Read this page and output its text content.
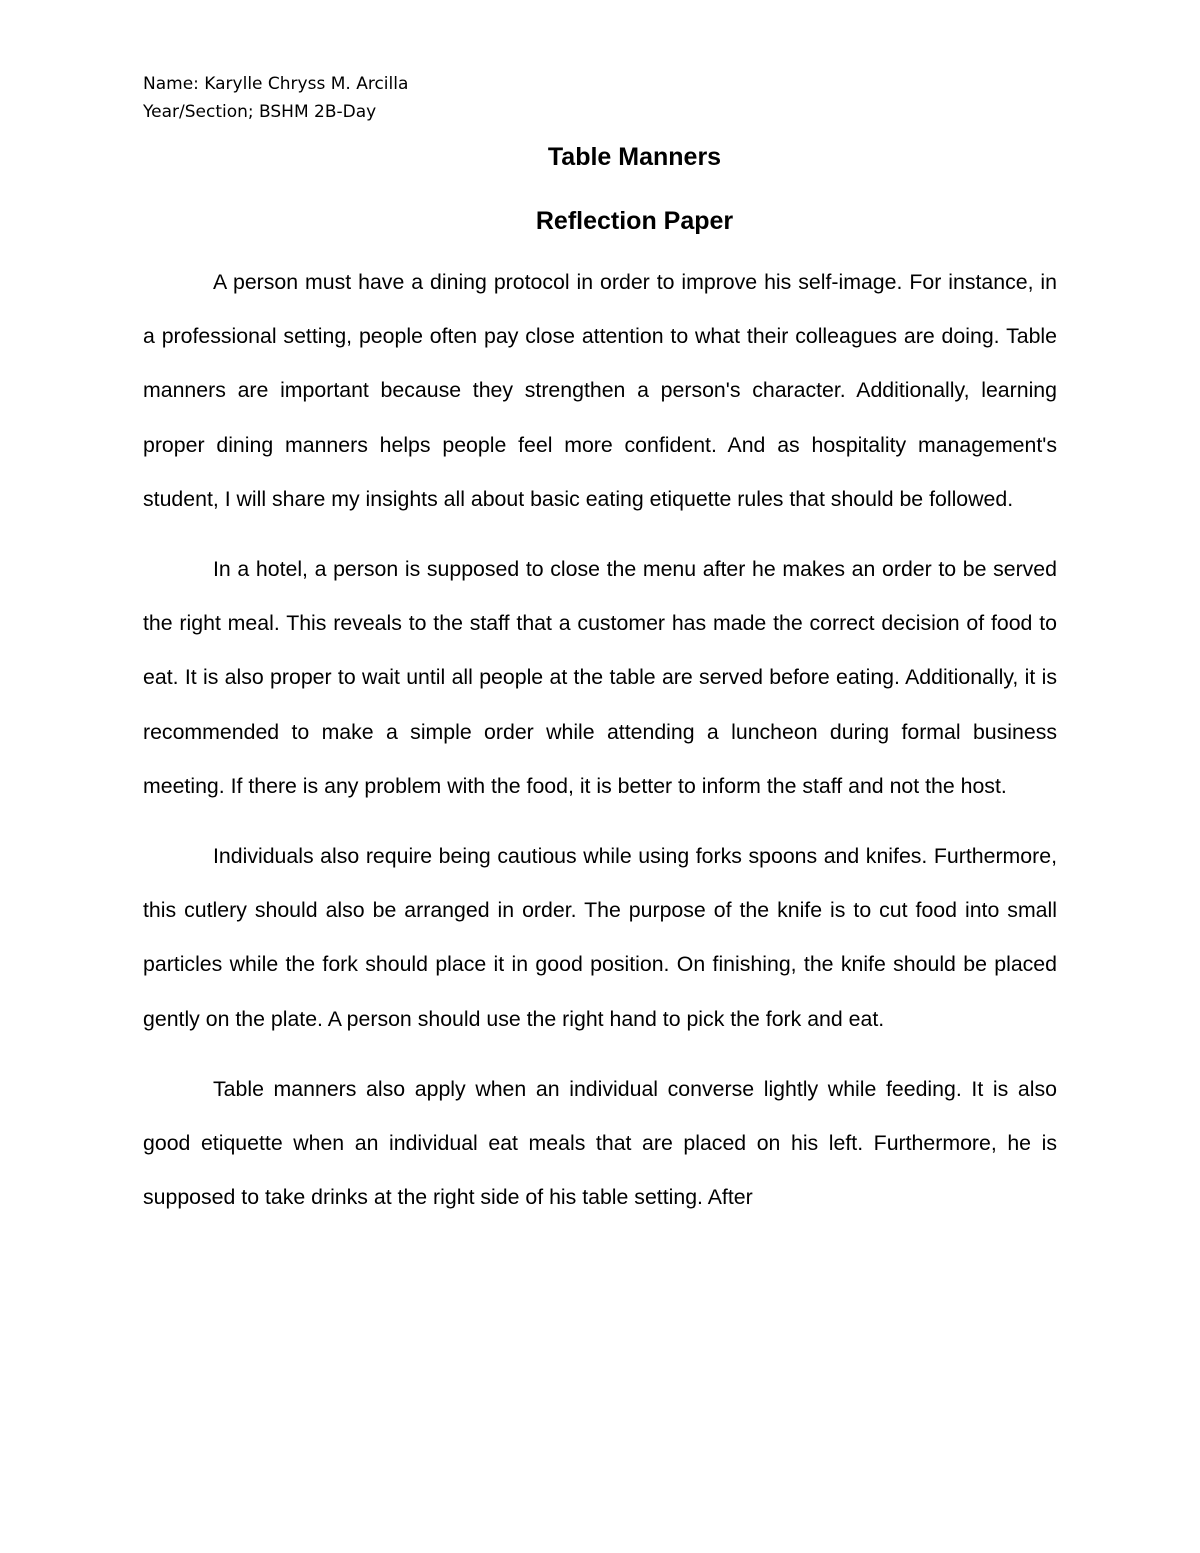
Name: Karylle Chryss M. Arcilla
Year/Section; BSHM 2B-Day
Table Manners
Reflection Paper

A person must have a dining protocol in order to improve his self-image. For instance, in a professional setting, people often pay close attention to what their colleagues are doing. Table manners are important because they strengthen a person's character. Additionally, learning proper dining manners helps people feel more confident. And as hospitality management's student, I will share my insights all about basic eating etiquette rules that should be followed.

In a hotel, a person is supposed to close the menu after he makes an order to be served the right meal. This reveals to the staff that a customer has made the correct decision of food to eat. It is also proper to wait until all people at the table are served before eating. Additionally, it is recommended to make a simple order while attending a luncheon during formal business meeting. If there is any problem with the food, it is better to inform the staff and not the host.

Individuals also require being cautious while using forks spoons and knifes. Furthermore, this cutlery should also be arranged in order. The purpose of the knife is to cut food into small particles while the fork should place it in good position. On finishing, the knife should be placed gently on the plate. A person should use the right hand to pick the fork and eat.

Table manners also apply when an individual converse lightly while feeding. It is also good etiquette when an individual eat meals that are placed on his left. Furthermore, he is supposed to take drinks at the right side of his table setting. After
